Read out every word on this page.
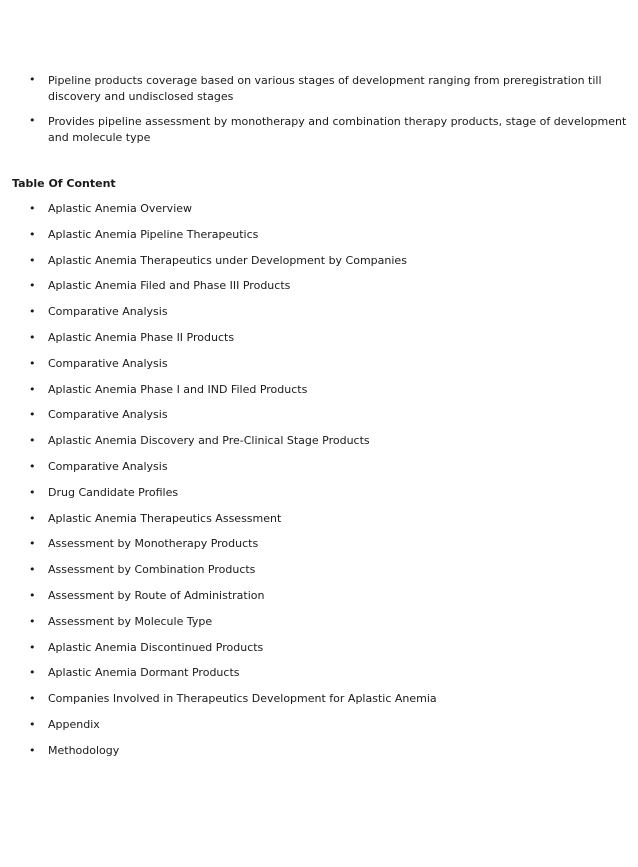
• Pipeline products coverage based on various stages of development ranging from preregistration till discovery and undisclosed stages
• Provides pipeline assessment by monotherapy and combination therapy products, stage of development and molecule type
Table Of Content
• Aplastic Anemia Overview
• Aplastic Anemia Pipeline Therapeutics
• Aplastic Anemia Therapeutics under Development by Companies
• Aplastic Anemia Filed and Phase III Products
• Comparative Analysis
• Aplastic Anemia Phase II Products
• Comparative Analysis
• Aplastic Anemia Phase I and IND Filed Products
• Comparative Analysis
• Aplastic Anemia Discovery and Pre-Clinical Stage Products
• Comparative Analysis
• Drug Candidate Profiles
• Aplastic Anemia Therapeutics Assessment
• Assessment by Monotherapy Products
• Assessment by Combination Products
• Assessment by Route of Administration
• Assessment by Molecule Type
• Aplastic Anemia Discontinued Products
• Aplastic Anemia Dormant Products
• Companies Involved in Therapeutics Development for Aplastic Anemia
• Appendix
• Methodology
